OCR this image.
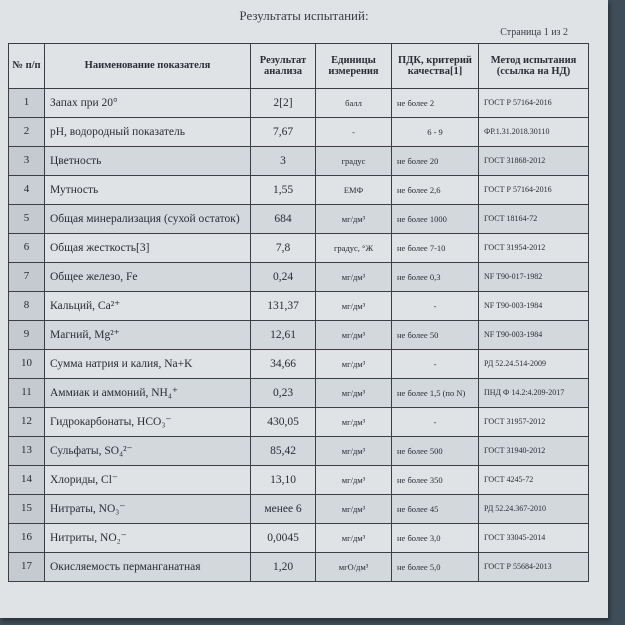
Результаты испытаний:
Страница 1 из 2
№ п/п	Наименование показателя	Результат анализа	Единицы измерения	ПДК, критерий качества[1]	Метод испытания (ссылка на НД)
1	Запах при 20°	2[2]	балл	не более 2	ГОСТ Р 57164-2016
2	pH, водородный показатель	7,67	-	6 - 9	ФР.1.31.2018.30110
3	Цветность	3	градус	не более 20	ГОСТ 31868-2012
4	Мутность	1,55	ЕМФ	не более 2,6	ГОСТ Р 57164-2016
5	Общая минерализация (сухой остаток)	684	мг/дм³	не более 1000	ГОСТ 18164-72
6	Общая жесткость[3]	7,8	градус, °Ж	не более 7-10	ГОСТ 31954-2012
7	Общее железо, Fe	0,24	мг/дм³	не более 0,3	NF T90-017-1982
8	Кальций, Ca²⁺	131,37	мг/дм³	-	NF T90-003-1984
9	Магний, Mg²⁺	12,61	мг/дм³	не более 50	NF T90-003-1984
10	Сумма натрия и калия, Na+K	34,66	мг/дм³	-	РД 52.24.514-2009
11	Аммиак и аммоний, NH₄⁺	0,23	мг/дм³	не более 1,5 (по N)	ПНД Ф 14.2:4.209-2017
12	Гидрокарбонаты, HCO₃⁻	430,05	мг/дм³	-	ГОСТ 31957-2012
13	Сульфаты, SO₄²⁻	85,42	мг/дм³	не более 500	ГОСТ 31940-2012
14	Хлориды, Cl⁻	13,10	мг/дм³	не более 350	ГОСТ 4245-72
15	Нитраты, NO₃⁻	менее 6	мг/дм³	не более 45	РД 52.24.367-2010
16	Нитриты, NO₂⁻	0,0045	мг/дм³	не более 3,0	ГОСТ 33045-2014
17	Окисляемость перманганатная	1,20	мгО/дм³	не более 5,0	ГОСТ Р 55684-2013
